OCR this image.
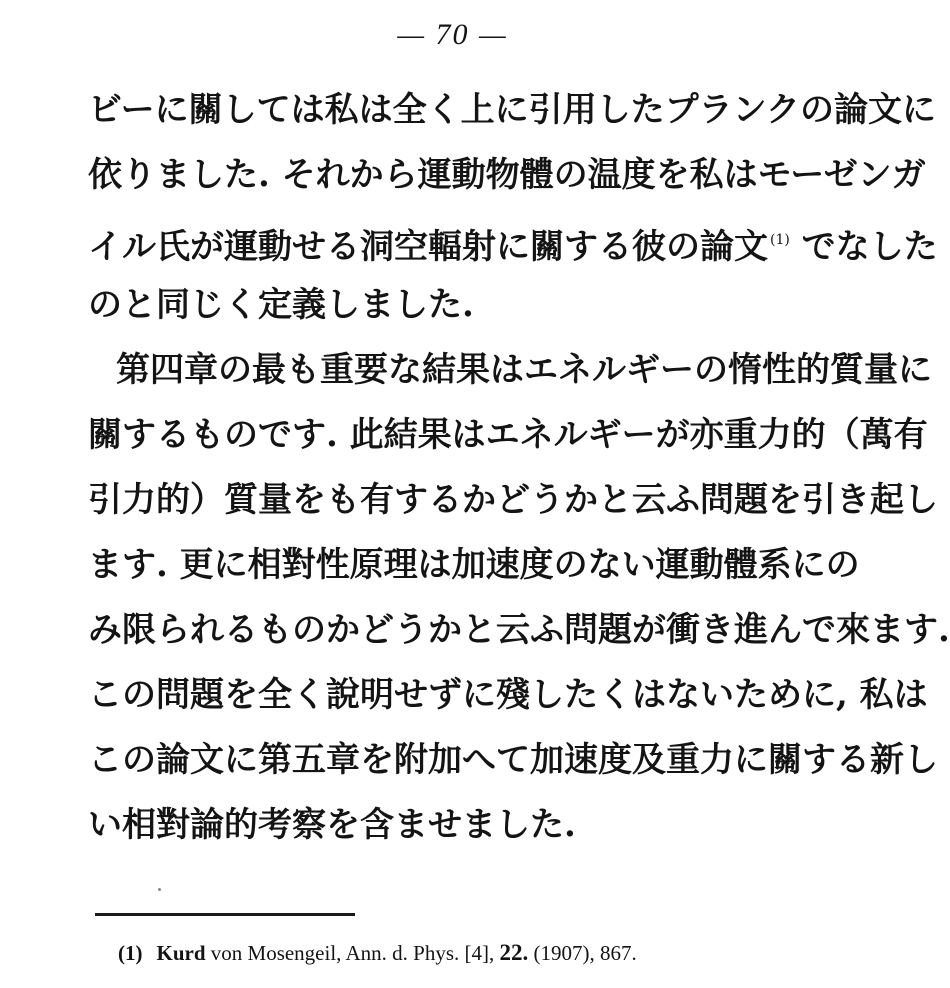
— 70 —
ビーに關しては私は全く上に引用したプランクの論文に
依りました. それから運動物體の温度を私はモーゼンガ
イル氏が運動せる洞空輻射に關する彼の論文 $^{(1)}$ でなした
のと同じく定義しました.
第四章の最も重要な結果はエネルギーの惰性的質量に
關するものです. 此結果はエネルギーが亦重力的（萬有
引力的）質量をも有するかどうかと云ふ問題を引き起し
ます. 更に相對性原理は加速度のない運動體系にの
み限られるものかどうかと云ふ問題が衝き進んで來ます.
この問題を全く說明せずに殘したくはないために, 私は
この論文に第五章を附加へて加速度及重力に關する新し
い相對論的考察を含ませました.
(1) Kurd von Mosengeil, Ann. d. Phys. [4], 22. (1907), 867.
